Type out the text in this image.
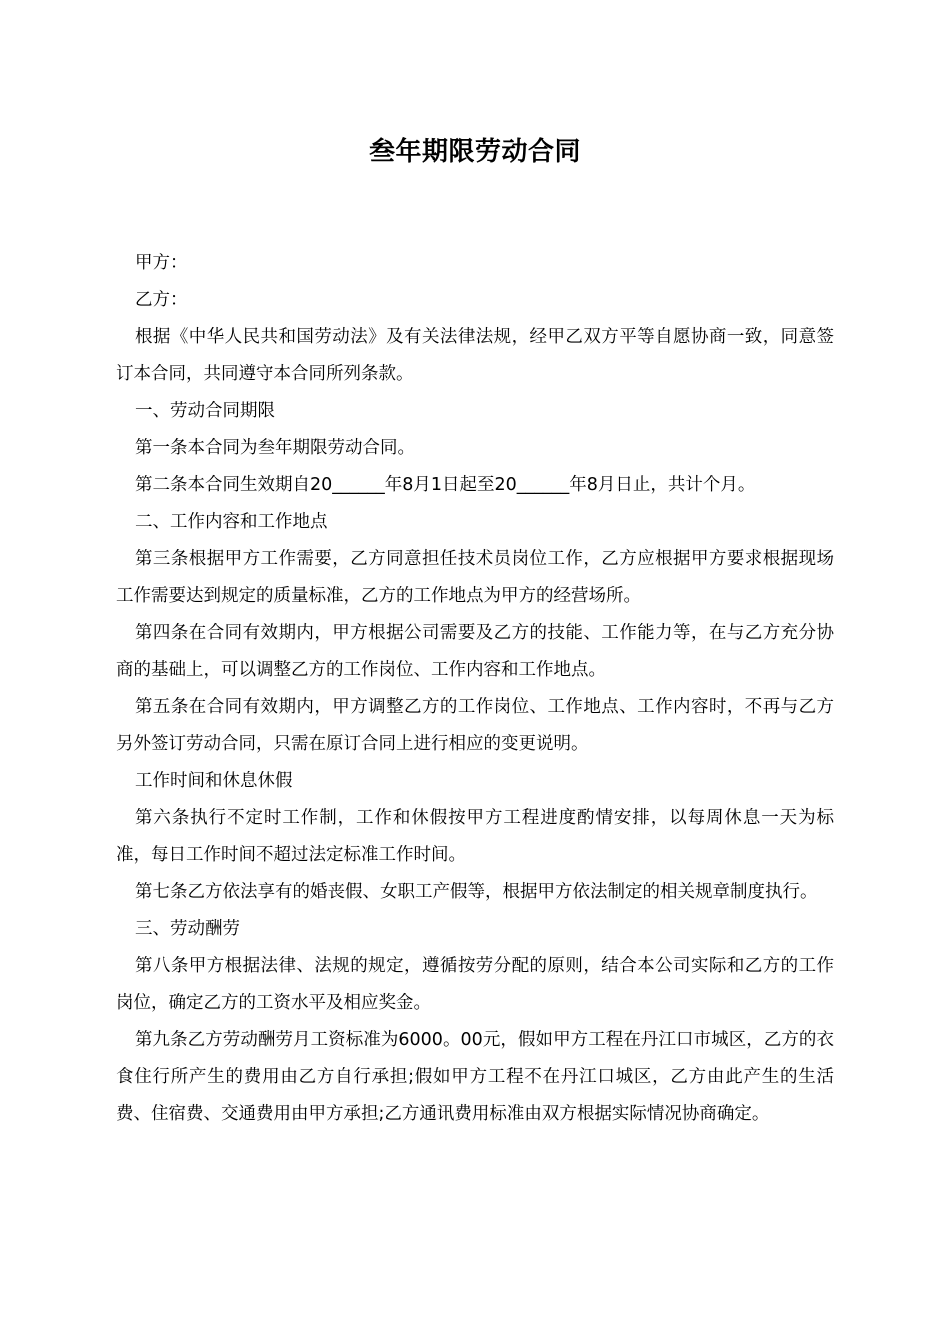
叁年期限劳动合同

甲方：

乙方：

根据《中华人民共和国劳动法》及有关法律法规，经甲乙双方平等自愿协商一致，同意签订本合同，共同遵守本合同所列条款。

一、劳动合同期限

第一条本合同为叁年期限劳动合同。

第二条本合同生效期自20______年8月1日起至20______年8月日止，共计个月。

二、工作内容和工作地点

第三条根据甲方工作需要，乙方同意担任技术员岗位工作，乙方应根据甲方要求根据现场工作需要达到规定的质量标准，乙方的工作地点为甲方的经营场所。

第四条在合同有效期内，甲方根据公司需要及乙方的技能、工作能力等，在与乙方充分协商的基础上，可以调整乙方的工作岗位、工作内容和工作地点。

第五条在合同有效期内，甲方调整乙方的工作岗位、工作地点、工作内容时，不再与乙方另外签订劳动合同，只需在原订合同上进行相应的变更说明。

工作时间和休息休假

第六条执行不定时工作制，工作和休假按甲方工程进度酌情安排，以每周休息一天为标准，每日工作时间不超过法定标准工作时间。

第七条乙方依法享有的婚丧假、女职工产假等，根据甲方依法制定的相关规章制度执行。

三、劳动酬劳

第八条甲方根据法律、法规的规定，遵循按劳分配的原则，结合本公司实际和乙方的工作岗位，确定乙方的工资水平及相应奖金。

第九条乙方劳动酬劳月工资标准为6000。00元，假如甲方工程在丹江口市城区，乙方的衣食住行所产生的费用由乙方自行承担;假如甲方工程不在丹江口城区，乙方由此产生的生活费、住宿费、交通费用由甲方承担;乙方通讯费用标准由双方根据实际情况协商确定。
